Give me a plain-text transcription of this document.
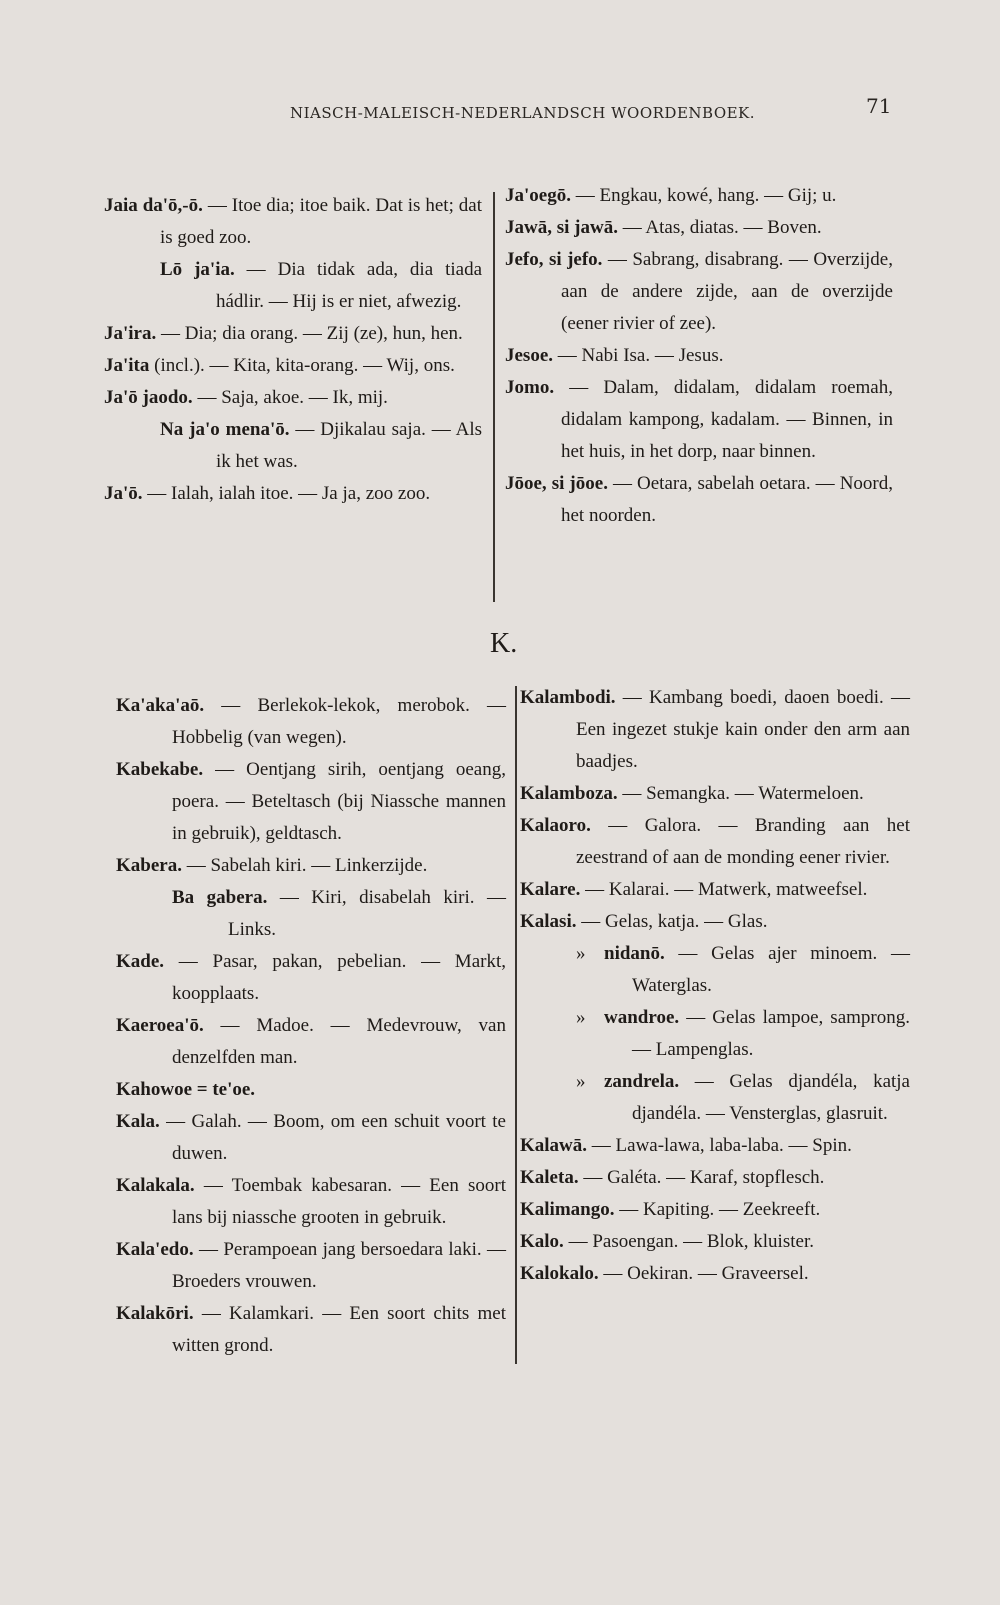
NIASCH-MALEISCH-NEDERLANDSCH WOORDENBOEK.	71

Jaia da'ō,-ō. — Itoe dia; itoe baik. Dat is het; dat is goed zoo.

Lō ja'ia. — Dia tidak ada, dia tiada hádlir. — Hij is er niet, afwezig.

Ja'ira. — Dia; dia orang. — Zij (ze), hun, hen.

Ja'ita (incl.). — Kita, kita-orang. — Wij, ons.

Ja'ō jaodo. — Saja, akoe. — Ik, mij.

Na ja'o mena'ō. — Djikalau saja. — Als ik het was.

Ja'ō. — Ialah, ialah itoe. — Ja ja, zoo zoo.

Ja'oegō. — Engkau, kowé, hang. — Gij; u.

Jawā, si jawā. — Atas, diatas. — Boven.

Jefo, si jefo. — Sabrang, disabrang. — Overzijde, aan de andere zijde, aan de overzijde (eener rivier of zee).

Jesoe. — Nabi Isa. — Jesus.

Jomo. — Dalam, didalam, didalam roemah, didalam kampong, kadalam. — Binnen, in het huis, in het dorp, naar binnen.

Jōoe, si jōoe. — Oetara, sabelah oetara. — Noord, het noorden.

K.

Ka'aka'aō. — Berlekok-lekok, merobok. — Hobbelig (van wegen).

Kabekabe. — Oentjang sirih, oentjang oeang, poera. — Beteltasch (bij Niassche mannen in gebruik), geldtasch.

Kabera. — Sabelah kiri. — Linkerzijde.

Ba gabera. — Kiri, disabelah kiri. — Links.

Kade. — Pasar, pakan, pebelian. — Markt, koopplaats.

Kaeroea'ō. — Madoe. — Medevrouw, van denzelfden man.

Kahowoe = te'oe.

Kala. — Galah. — Boom, om een schuit voort te duwen.

Kalakala. — Toembak kabesaran. — Een soort lans bij niassche grooten in gebruik.

Kala'edo. — Perampoean jang bersoedara laki. — Broeders vrouwen.

Kalakōri. — Kalamkari. — Een soort chits met witten grond.

Kalambodi. — Kambang boedi, daoen boedi. — Een ingezet stukje kain onder den arm aan baadjes.

Kalamboza. — Semangka. — Watermeloen.

Kalaoro. — Galora. — Branding aan het zeestrand of aan de monding eener rivier.

Kalare. — Kalarai. — Matwerk, matweefsel.

Kalasi. — Gelas, katja. — Glas.

» nidanō. — Gelas ajer minoem. — Waterglas.

» wandroe. — Gelas lampoe, samprong. — Lampenglas.

» zandrela. — Gelas djandéla, katja djandéla. — Vensterglas, glasruit.

Kalawā. — Lawa-lawa, laba-laba. — Spin.

Kaleta. — Galéta. — Karaf, stopflesch.

Kalimango. — Kapiting. — Zeekreeft.

Kalo. — Pasoengan. — Blok, kluister.

Kalokalo. — Oekiran. — Graveersel.
